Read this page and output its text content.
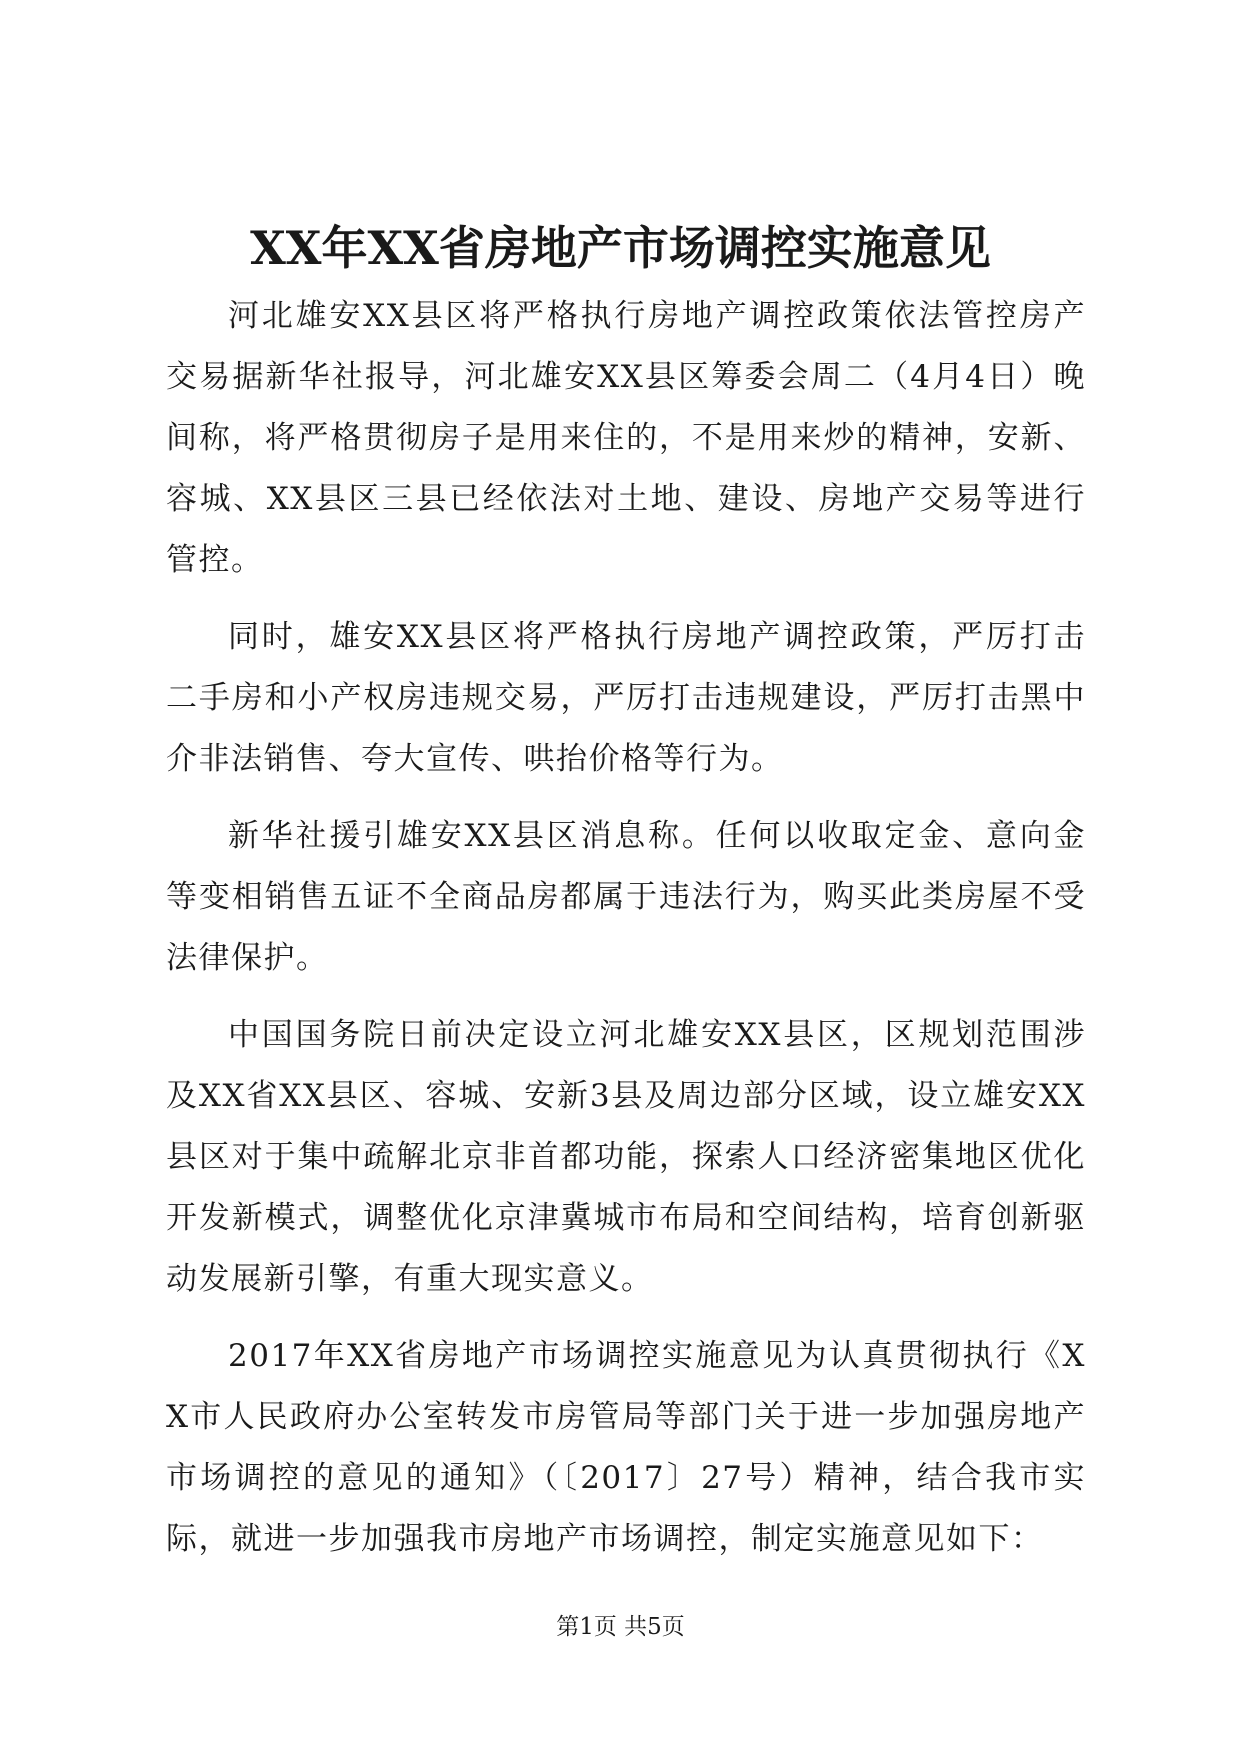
XX年XX省房地产市场调控实施意见

河北雄安XX县区将严格执行房地产调控政策依法管控房产交易据新华社报导，河北雄安XX县区筹委会周二（4月4日）晚间称，将严格贯彻房子是用来住的，不是用来炒的精神，安新、容城、XX县区三县已经依法对土地、建设、房地产交易等进行管控。

同时，雄安XX县区将严格执行房地产调控政策，严厉打击二手房和小产权房违规交易，严厉打击违规建设，严厉打击黑中介非法销售、夸大宣传、哄抬价格等行为。

新华社援引雄安XX县区消息称。任何以收取定金、意向金等变相销售五证不全商品房都属于违法行为，购买此类房屋不受法律保护。

中国国务院日前决定设立河北雄安XX县区，区规划范围涉及XX省XX县区、容城、安新3县及周边部分区域，设立雄安XX县区对于集中疏解北京非首都功能，探索人口经济密集地区优化开发新模式，调整优化京津冀城市布局和空间结构，培育创新驱动发展新引擎，有重大现实意义。

2017年XX省房地产市场调控实施意见为认真贯彻执行《XX市人民政府办公室转发市房管局等部门关于进一步加强房地产市场调控的意见的通知》（〔2017〕27号）精神，结合我市实际，就进一步加强我市房地产市场调控，制定实施意见如下：

第1页 共5页
